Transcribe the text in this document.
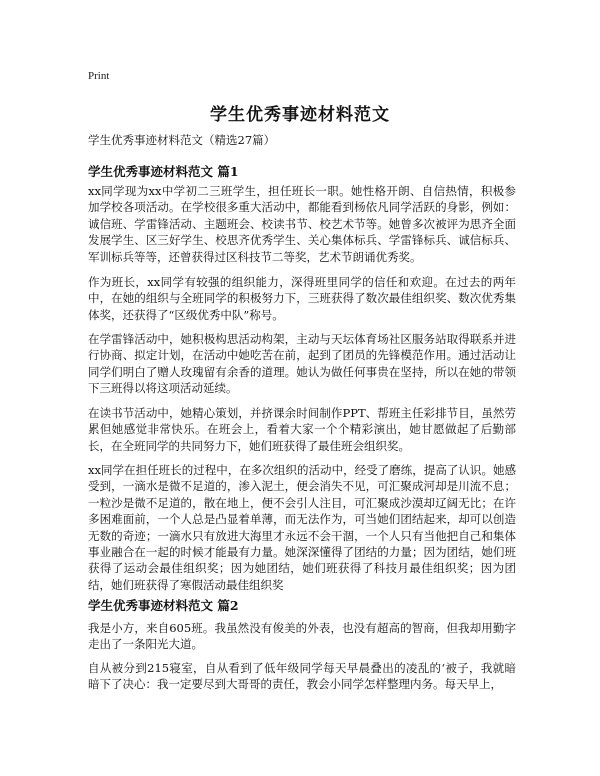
Print
学生优秀事迹材料范文
学生优秀事迹材料范文（精选27篇）
学生优秀事迹材料范文 篇1
xx同学现为xx中学初二三班学生，担任班长一职。她性格开朗、自信热情，积极参加学校各项活动。在学校很多重大活动中，都能看到杨依凡同学活跃的身影，例如：诚信班、学雷锋活动、主题班会、校读书节、校艺术节等。她曾多次被评为思齐全面发展学生、区三好学生、校思齐优秀学生、关心集体标兵、学雷锋标兵、诚信标兵、军训标兵等等，还曾获得过区科技节二等奖，艺术节朗诵优秀奖。
作为班长，xx同学有较强的组织能力，深得班里同学的信任和欢迎。在过去的两年中，在她的组织与全班同学的积极努力下，三班获得了数次最佳组织奖、数次优秀集体奖，还获得了“区级优秀中队”称号。
在学雷锋活动中，她积极构思活动构架，主动与天坛体育场社区服务站取得联系并进行协商、拟定计划，在活动中她吃苦在前，起到了团员的先锋模范作用。通过活动让同学们明白了赠人玫瑰留有余香的道理。她认为做任何事贵在坚持，所以在她的带领下三班得以将这项活动延续。
在读书节活动中，她精心策划，并挤课余时间制作PPT、帮班主任彩排节目，虽然劳累但她感觉非常快乐。在班会上，看着大家一个个精彩演出，她甘愿做起了后勤部长，在全班同学的共同努力下，她们班获得了最佳班会组织奖。
xx同学在担任班长的过程中，在多次组织的活动中，经受了磨练，提高了认识。她感受到，一滴水是微不足道的，渗入泥土，便会消失不见，可汇聚成河却是川流不息；一粒沙是微不足道的，散在地上，便不会引人注目，可汇聚成沙漠却辽阔无比；在许多困难面前，一个人总是凸显着单薄，而无法作为，可当她们团结起来，却可以创造无数的奇迹；一滴水只有放进大海里才永远不会干涸，一个人只有当他把自己和集体事业融合在一起的时候才能最有力量。她深深懂得了团结的力量；因为团结，她们班获得了运动会最佳组织奖；因为她团结，她们班获得了科技月最佳组织奖；因为团结，她们班获得了寒假活动最佳组织奖
学生优秀事迹材料范文 篇2
我是小方，来自605班。我虽然没有俊美的外表，也没有超高的智商，但我却用勤字走出了一条阳光大道。
自从被分到215寝室，自从看到了低年级同学每天早晨叠出的凌乱的‘被子，我就暗暗下了决心：我一定要尽到大哥哥的责任，教会小同学怎样整理内务。每天早上，
